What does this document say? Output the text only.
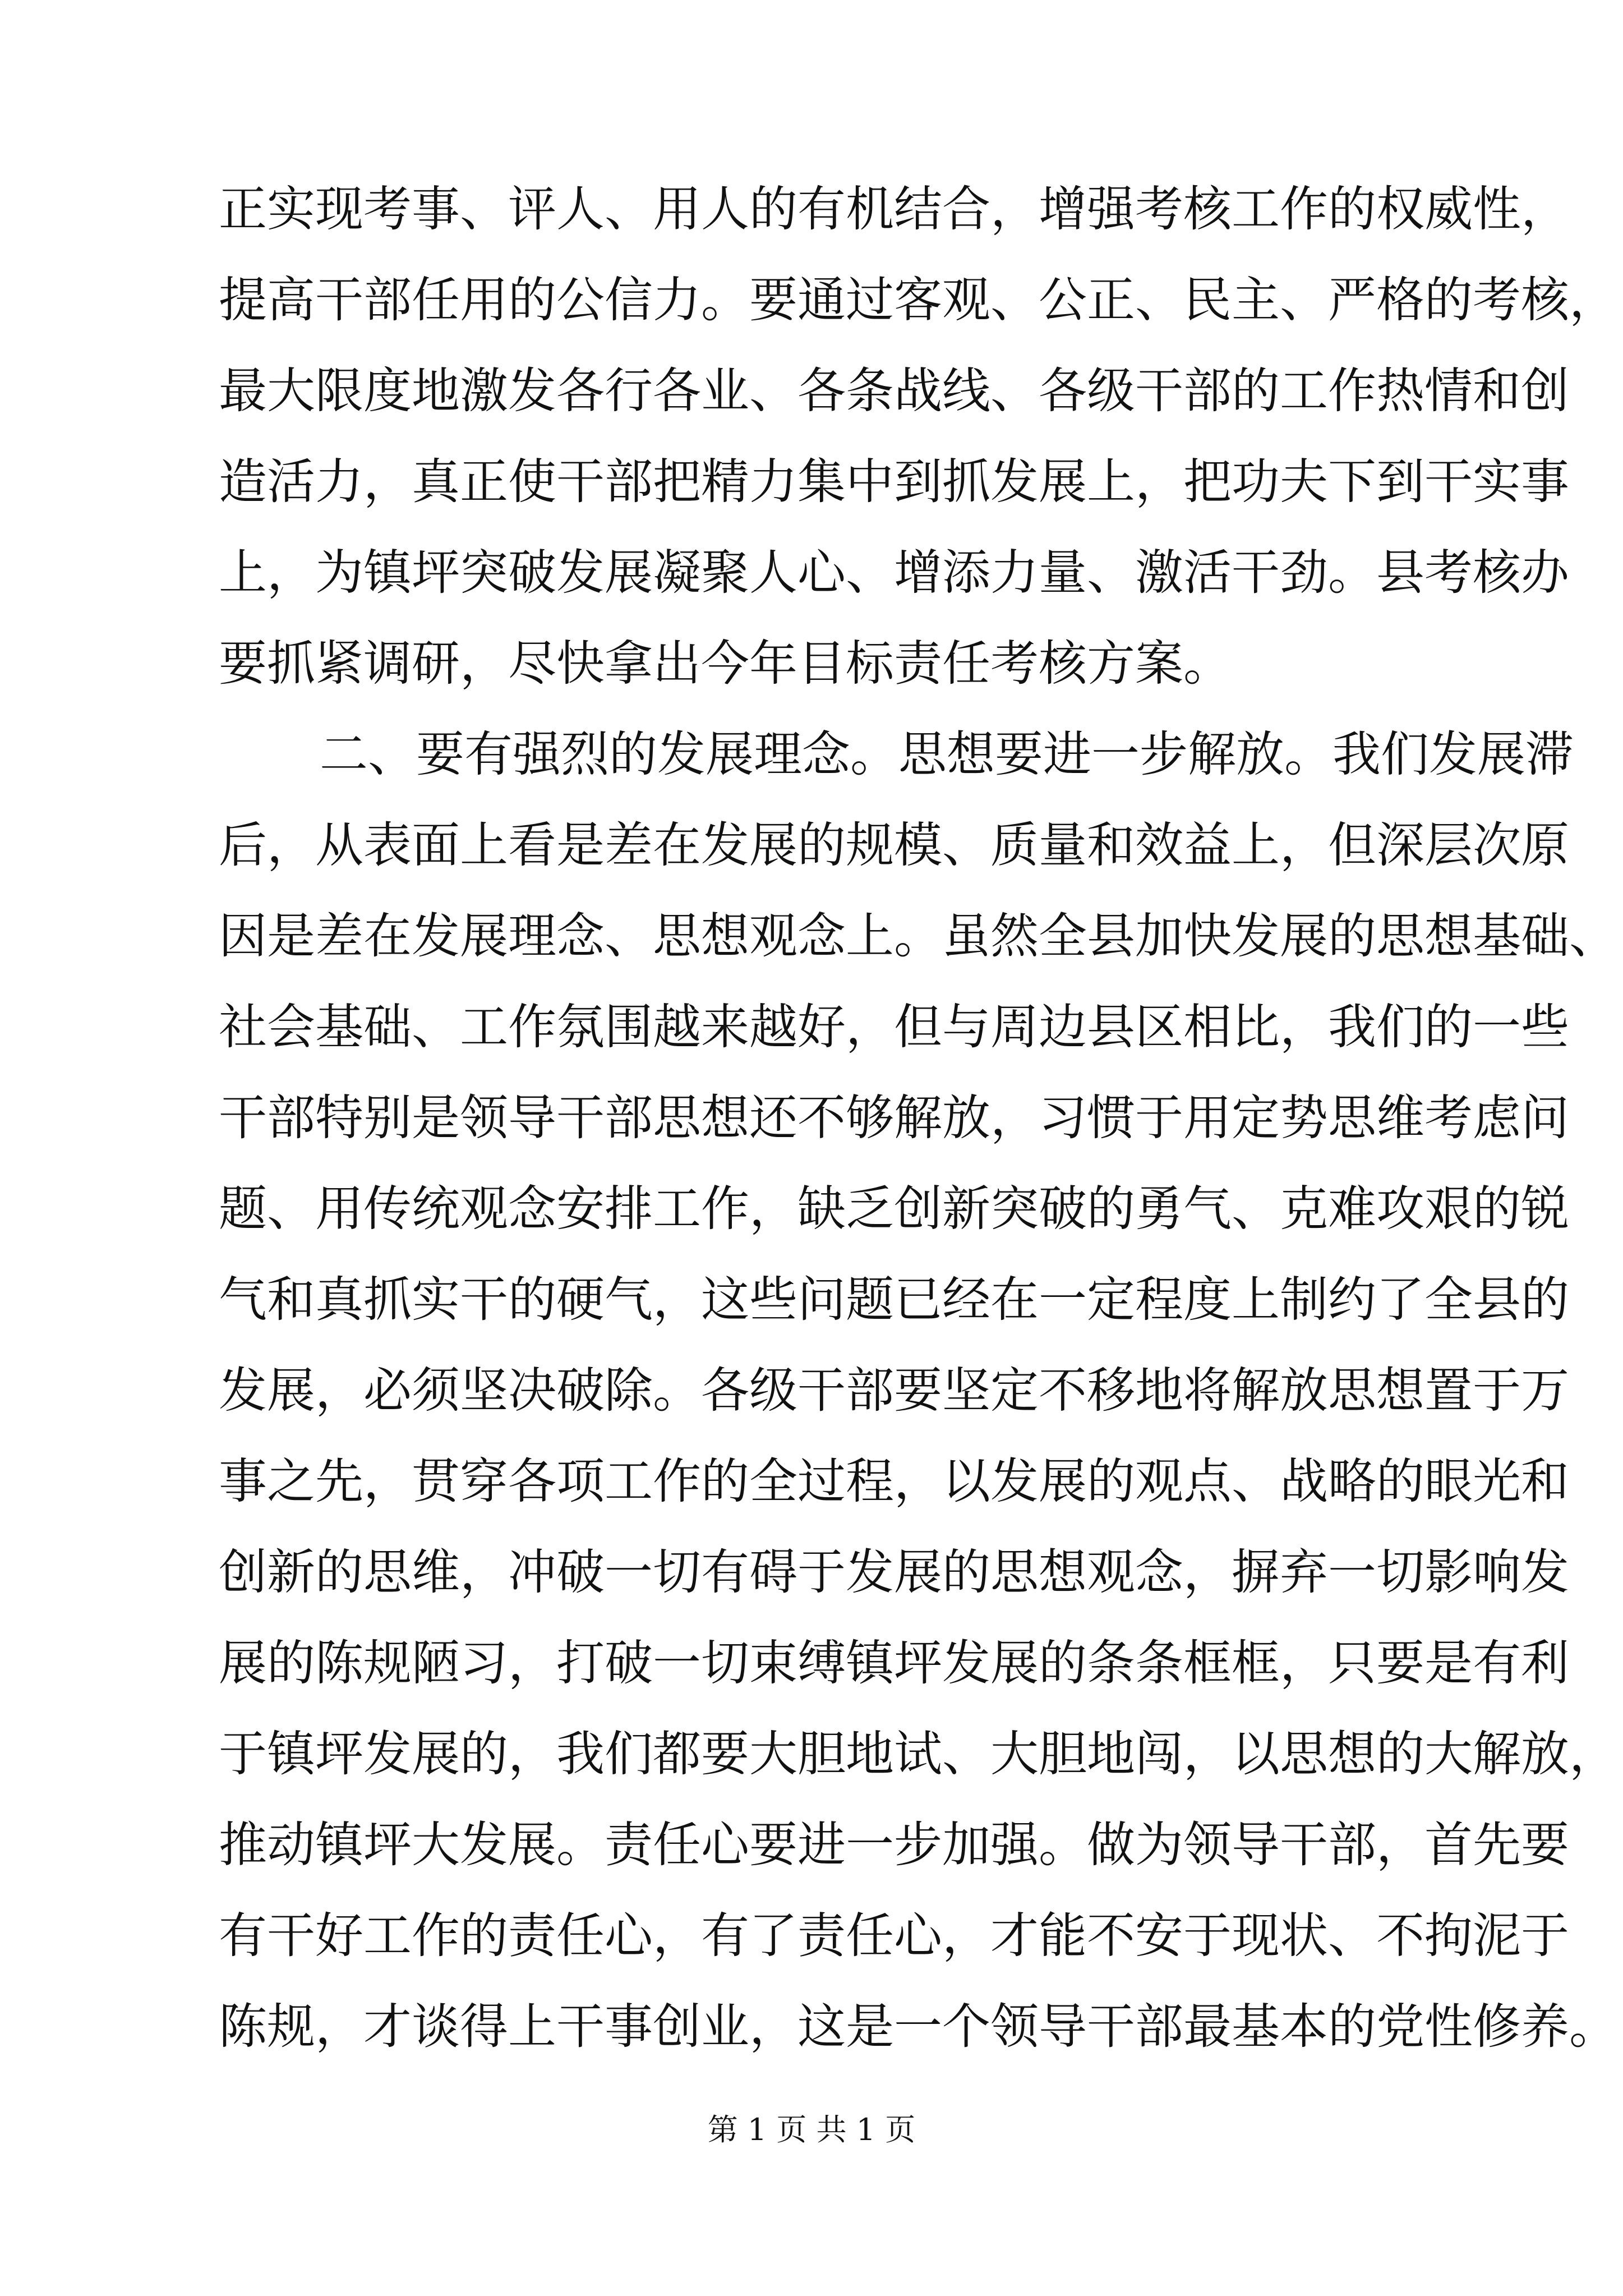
正实现考事、评人、用人的有机结合，增强考核工作的权威性，
提高干部任用的公信力。要通过客观、公正、民主、严格的考核，
最大限度地激发各行各业、各条战线、各级干部的工作热情和创
造活力，真正使干部把精力集中到抓发展上，把功夫下到干实事
上，为镇坪突破发展凝聚人心、增添力量、激活干劲。县考核办
要抓紧调研，尽快拿出今年目标责任考核方案。
二、要有强烈的发展理念。思想要进一步解放。我们发展滞
后，从表面上看是差在发展的规模、质量和效益上，但深层次原
因是差在发展理念、思想观念上。虽然全县加快发展的思想基础、
社会基础、工作氛围越来越好，但与周边县区相比，我们的一些
干部特别是领导干部思想还不够解放，习惯于用定势思维考虑问
题、用传统观念安排工作，缺乏创新突破的勇气、克难攻艰的锐
气和真抓实干的硬气，这些问题已经在一定程度上制约了全县的
发展，必须坚决破除。各级干部要坚定不移地将解放思想置于万
事之先，贯穿各项工作的全过程，以发展的观点、战略的眼光和
创新的思维，冲破一切有碍于发展的思想观念，摒弃一切影响发
展的陈规陋习，打破一切束缚镇坪发展的条条框框，只要是有利
于镇坪发展的，我们都要大胆地试、大胆地闯，以思想的大解放，
推动镇坪大发展。责任心要进一步加强。做为领导干部，首先要
有干好工作的责任心，有了责任心，才能不安于现状、不拘泥于
陈规，才谈得上干事创业，这是一个领导干部最基本的党性修养。
第 1 页 共 1 页
